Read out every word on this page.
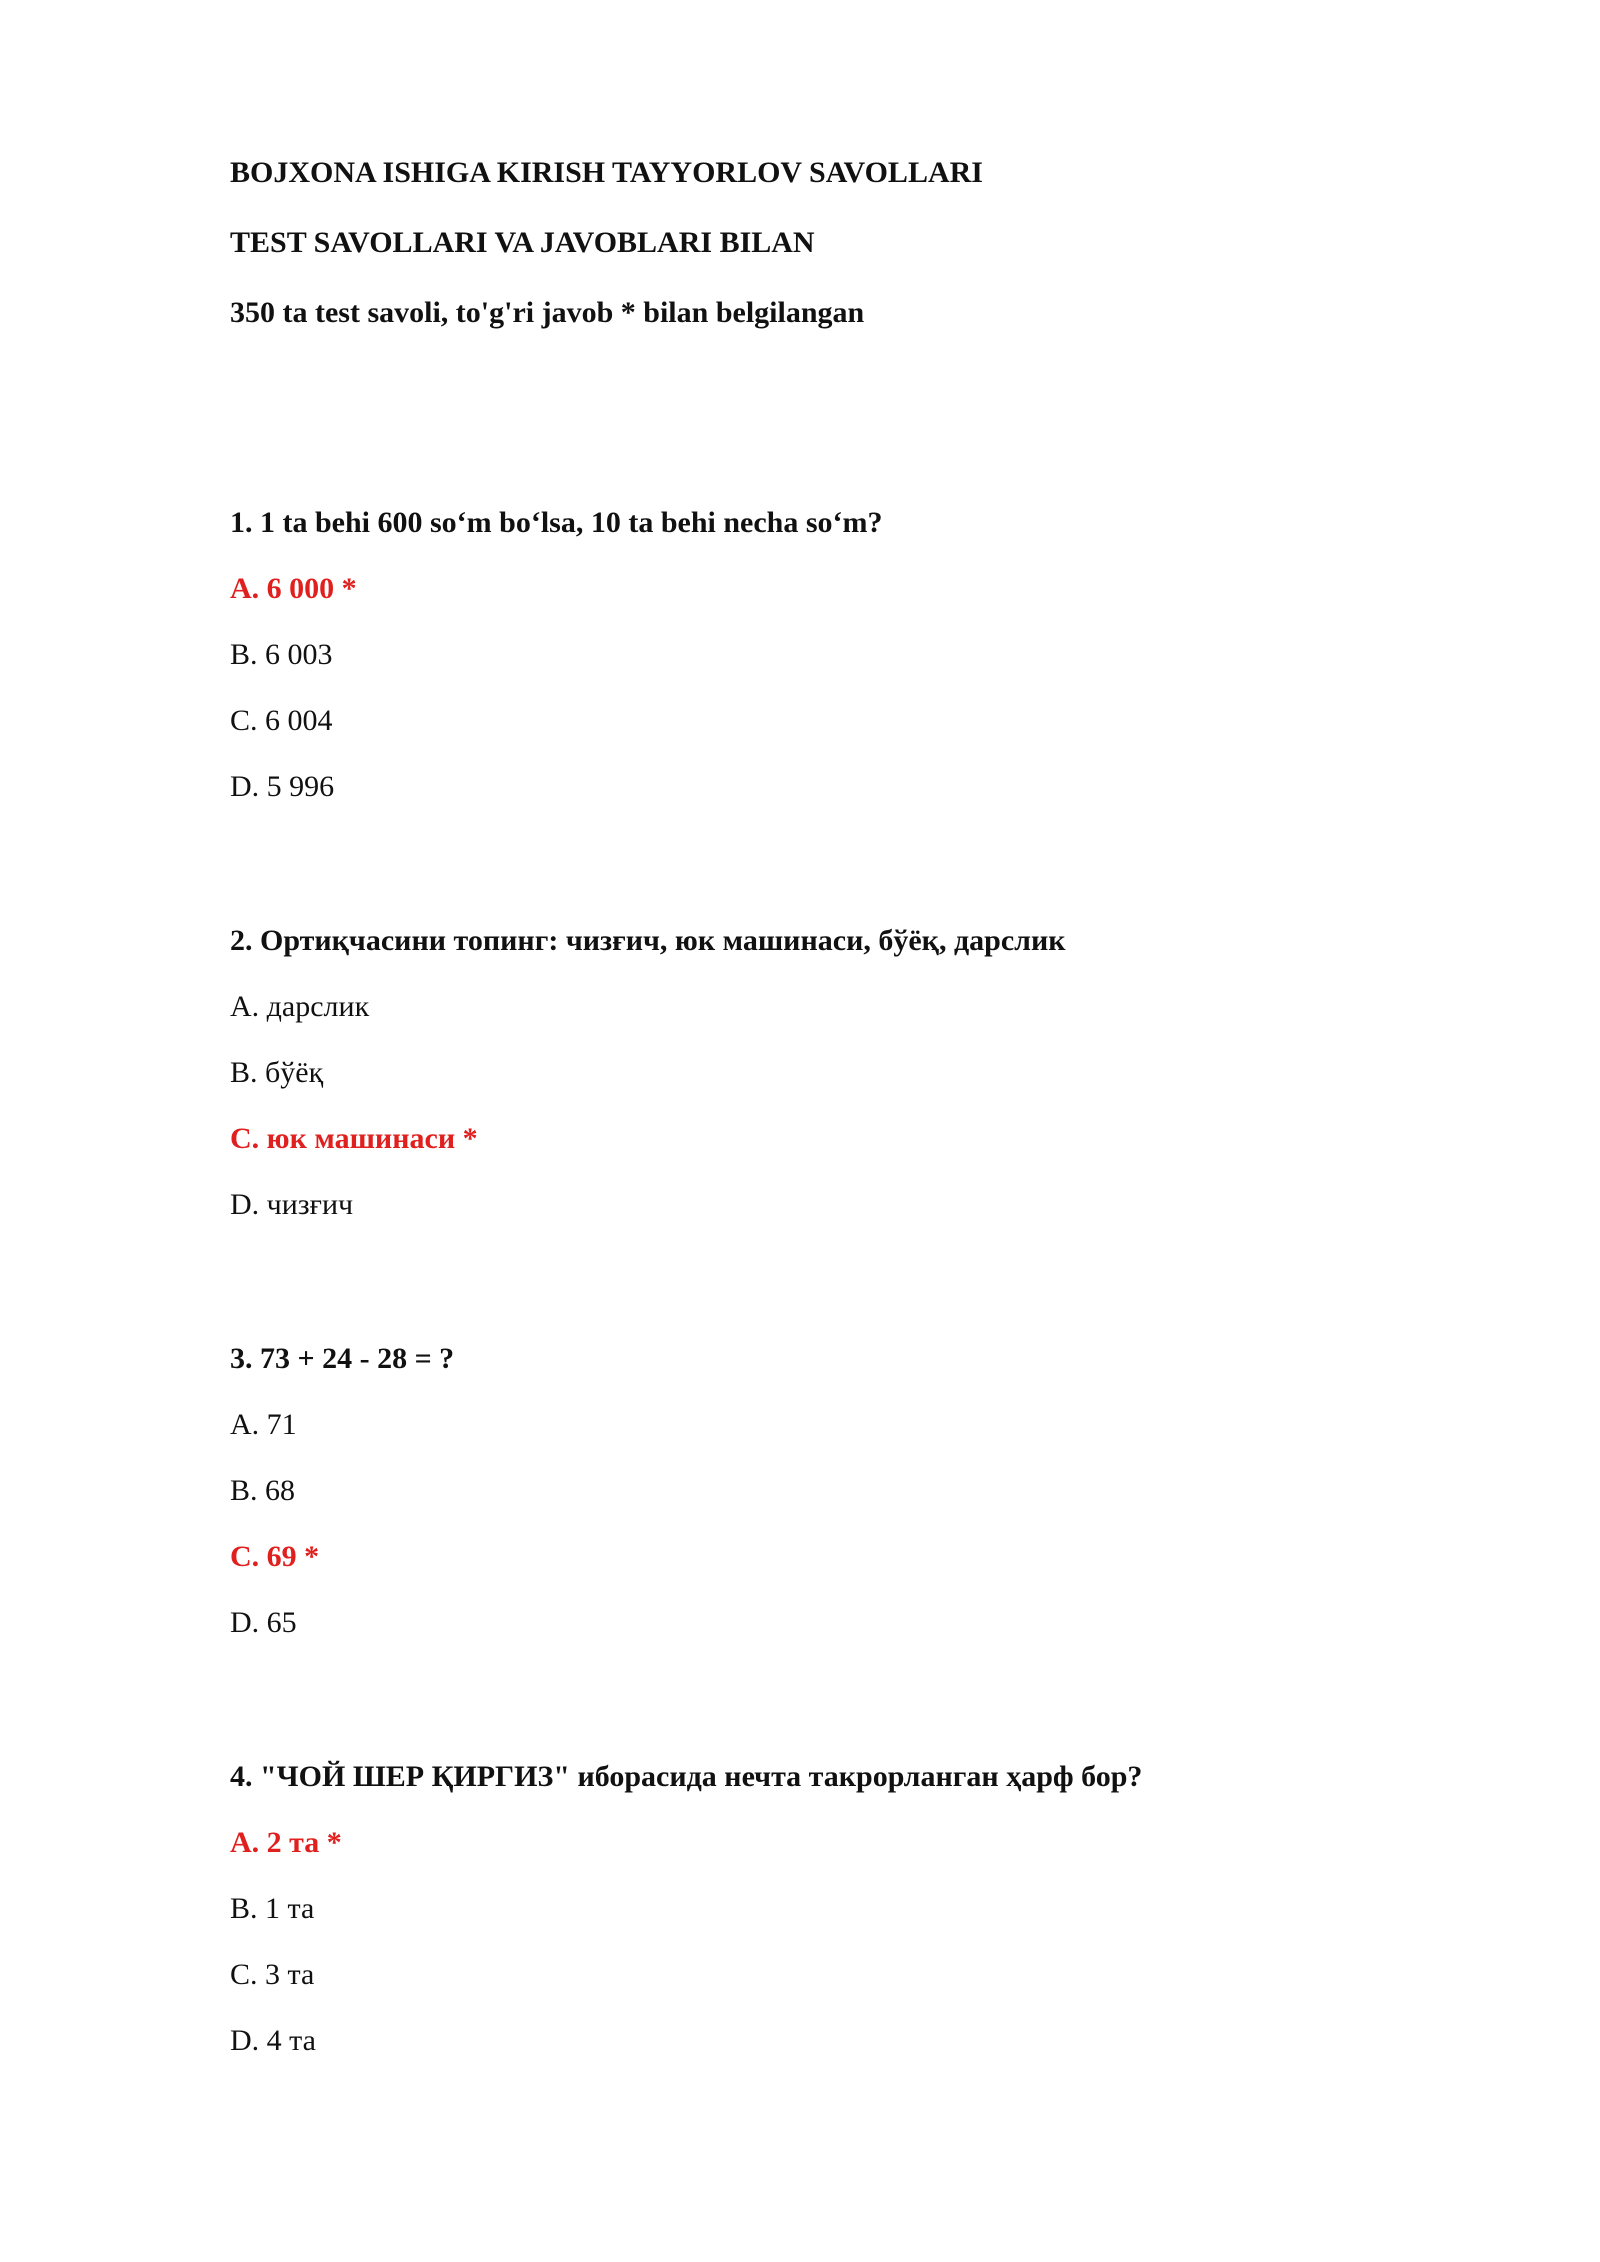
BOJXONA ISHIGA KIRISH TAYYORLOV SAVOLLARI
TEST SAVOLLARI VA JAVOBLARI BILAN
350 ta test savoli, to'g'ri javob * bilan belgilangan

1. 1 ta behi 600 so‘m bo‘lsa, 10 ta behi necha so‘m?

A. 6 000 *

B. 6 003

C. 6 004

D. 5 996

2. Ортиқчасини топинг: чизғич, юк машинаси, бўёқ, дарслик

A. дарслик

B. бўёқ

C. юк машинаси *

D. чизғич

3. 73 + 24 - 28 = ?

A. 71

B. 68

C. 69 *

D. 65

4. "ЧОЙ ШЕР ҚИРГИЗ" иборасида нечта такрорланган ҳарф бор?

A. 2 та *

B. 1 та

C. 3 та

D. 4 та
